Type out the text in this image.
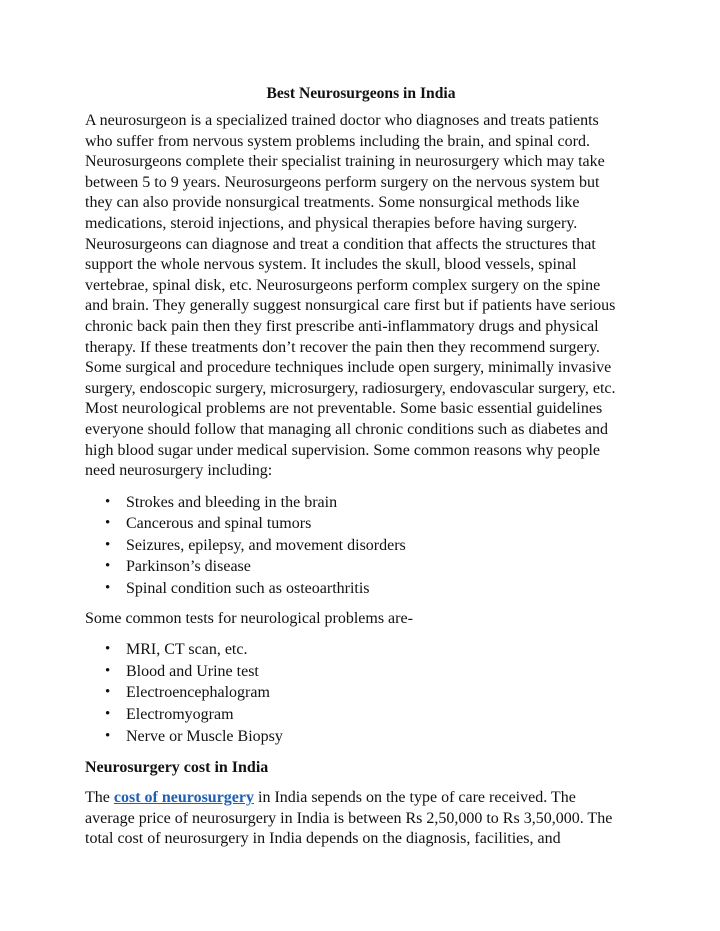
Best Neurosurgeons in India
A neurosurgeon is a specialized trained doctor who diagnoses and treats patients
who suffer from nervous system problems including the brain, and spinal cord.
Neurosurgeons complete their specialist training in neurosurgery which may take
between 5 to 9 years. Neurosurgeons perform surgery on the nervous system but
they can also provide nonsurgical treatments. Some nonsurgical methods like
medications, steroid injections, and physical therapies before having surgery.
Neurosurgeons can diagnose and treat a condition that affects the structures that
support the whole nervous system. It includes the skull, blood vessels, spinal
vertebrae, spinal disk, etc. Neurosurgeons perform complex surgery on the spine
and brain. They generally suggest nonsurgical care first but if patients have serious
chronic back pain then they first prescribe anti-inflammatory drugs and physical
therapy. If these treatments don’t recover the pain then they recommend surgery.
Some surgical and procedure techniques include open surgery, minimally invasive
surgery, endoscopic surgery, microsurgery, radiosurgery, endovascular surgery, etc.
Most neurological problems are not preventable. Some basic essential guidelines
everyone should follow that managing all chronic conditions such as diabetes and
high blood sugar under medical supervision. Some common reasons why people
need neurosurgery including:
• Strokes and bleeding in the brain
• Cancerous and spinal tumors
• Seizures, epilepsy, and movement disorders
• Parkinson’s disease
• Spinal condition such as osteoarthritis
Some common tests for neurological problems are-
• MRI, CT scan, etc.
• Blood and Urine test
• Electroencephalogram
• Electromyogram
• Nerve or Muscle Biopsy
Neurosurgery cost in India
The cost of neurosurgery in India sepends on the type of care received. The
average price of neurosurgery in India is between Rs 2,50,000 to Rs 3,50,000. The
total cost of neurosurgery in India depends on the diagnosis, facilities, and
